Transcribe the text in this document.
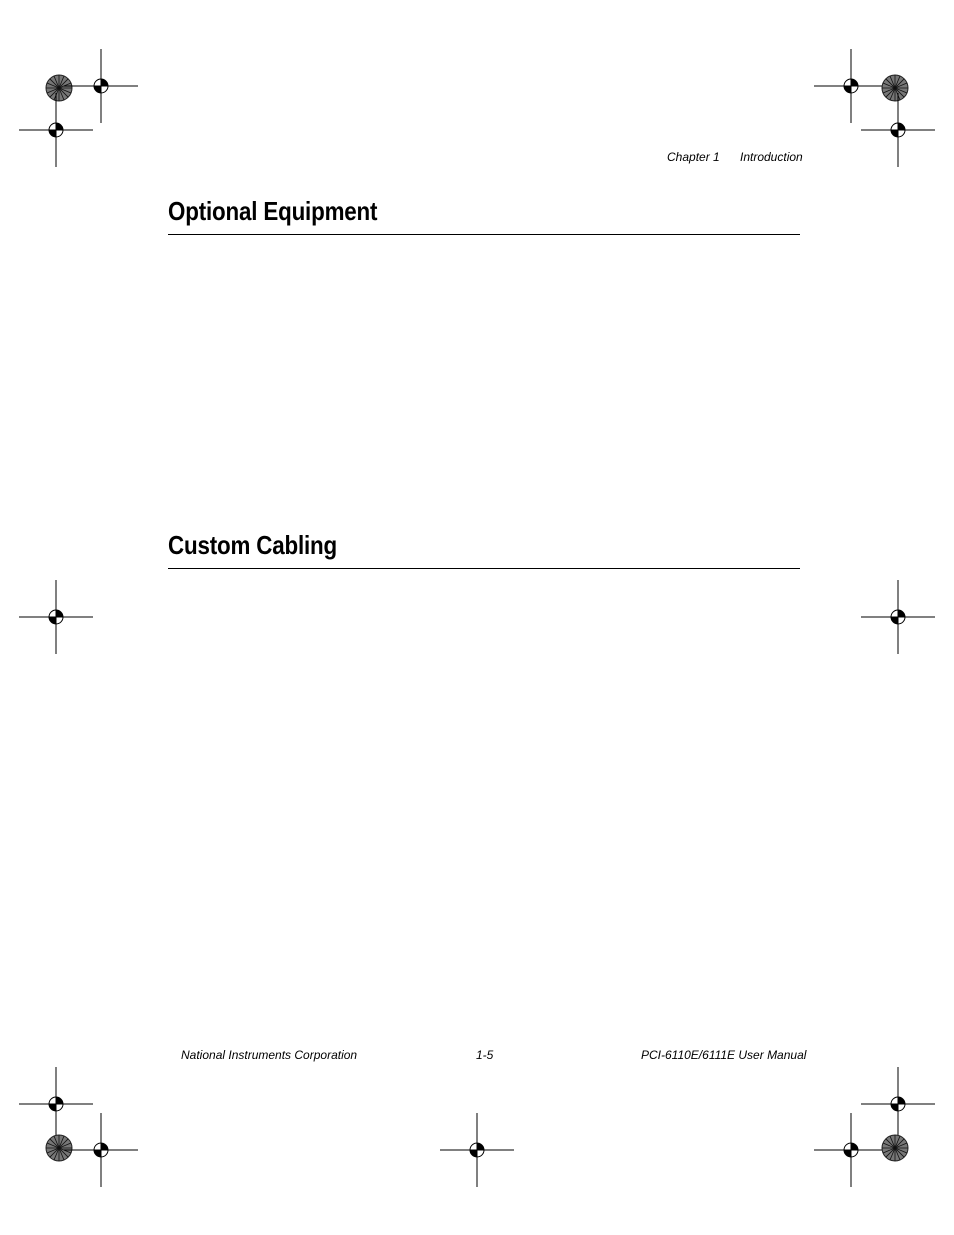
Chapter 1 Introduction
Optional Equipment
Custom Cabling
National Instruments Corporation	1-5	PCI-6110E/6111E User Manual
